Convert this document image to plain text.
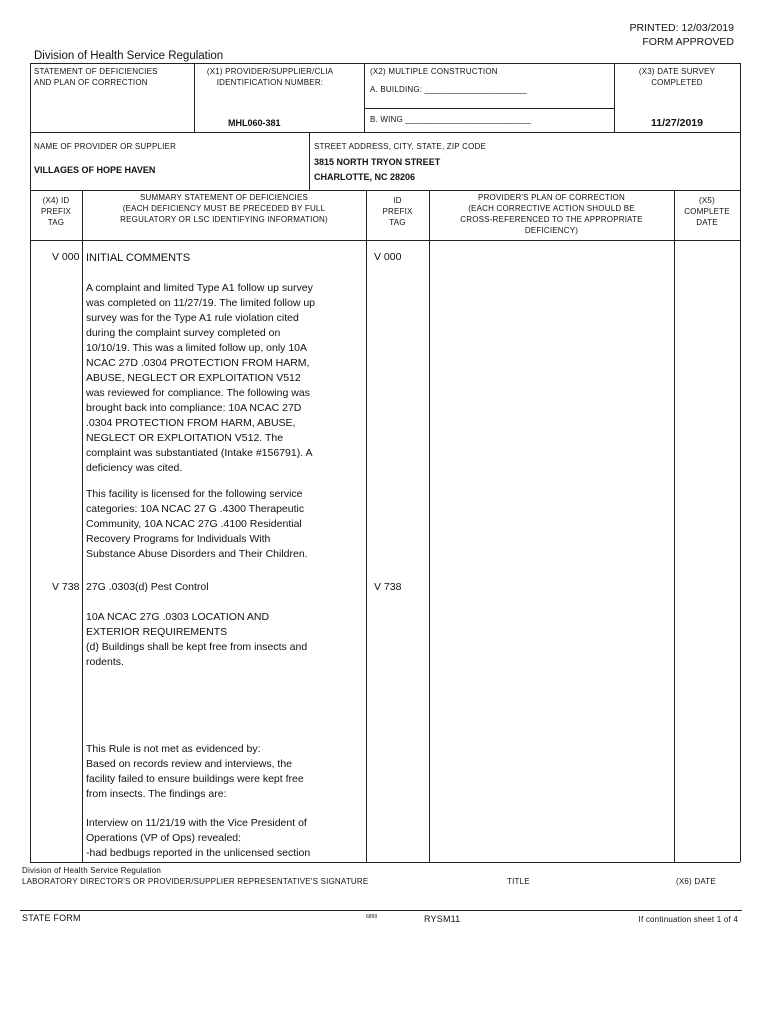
PRINTED: 12/03/2019
FORM APPROVED
Division of Health Service Regulation
STATEMENT OF DEFICIENCIES
AND PLAN OF CORRECTION
(X1) PROVIDER/SUPPLIER/CLIA
IDENTIFICATION NUMBER:
MHL060-381
(X2) MULTIPLE CONSTRUCTION
A. BUILDING: ______________________
B. WING ___________________________
(X3) DATE SURVEY
COMPLETED
11/27/2019
NAME OF PROVIDER OR SUPPLIER
VILLAGES OF HOPE HAVEN
STREET ADDRESS, CITY, STATE, ZIP CODE
3815 NORTH TRYON STREET
CHARLOTTE, NC 28206
(X4) ID
PREFIX
TAG
SUMMARY STATEMENT OF DEFICIENCIES
(EACH DEFICIENCY MUST BE PRECEDED BY FULL
REGULATORY OR LSC IDENTIFYING INFORMATION)
ID
PREFIX
TAG
PROVIDER'S PLAN OF CORRECTION
(EACH CORRECTIVE ACTION SHOULD BE
CROSS-REFERENCED TO THE APPROPRIATE
DEFICIENCY)
(X5)
COMPLETE
DATE
V 000	V 000
INITIAL COMMENTS
A complaint and limited Type A1 follow up survey
was completed on 11/27/19. The limited follow up
survey was for the Type A1 rule violation cited
during the complaint survey completed on
10/10/19. This was a limited follow up, only 10A
NCAC 27D .0304 PROTECTION FROM HARM,
ABUSE, NEGLECT OR EXPLOITATION V512
was reviewed for compliance. The following was
brought back into compliance: 10A NCAC 27D
.0304 PROTECTION FROM HARM, ABUSE,
NEGLECT OR EXPLOITATION V512. The
complaint was substantiated (Intake #156791). A
deficiency was cited.
This facility is licensed for the following service
categories: 10A NCAC 27 G .4300 Therapeutic
Community, 10A NCAC 27G .4100 Residential
Recovery Programs for Individuals With
Substance Abuse Disorders and Their Children.
V 738	V 738
27G .0303(d) Pest Control
10A NCAC 27G .0303 LOCATION AND
EXTERIOR REQUIREMENTS
(d) Buildings shall be kept free from insects and
rodents.
This Rule is not met as evidenced by:
Based on records review and interviews, the
facility failed to ensure buildings were kept free
from insects. The findings are:
Interview on 11/21/19 with the Vice President of
Operations (VP of Ops) revealed:
-had bedbugs reported in the unlicensed section
Division of Health Service Regulation
LABORATORY DIRECTOR'S OR PROVIDER/SUPPLIER REPRESENTATIVE'S SIGNATURE	TITLE	(X6) DATE
STATE FORM	6899	RYSM11	If continuation sheet 1 of 4
